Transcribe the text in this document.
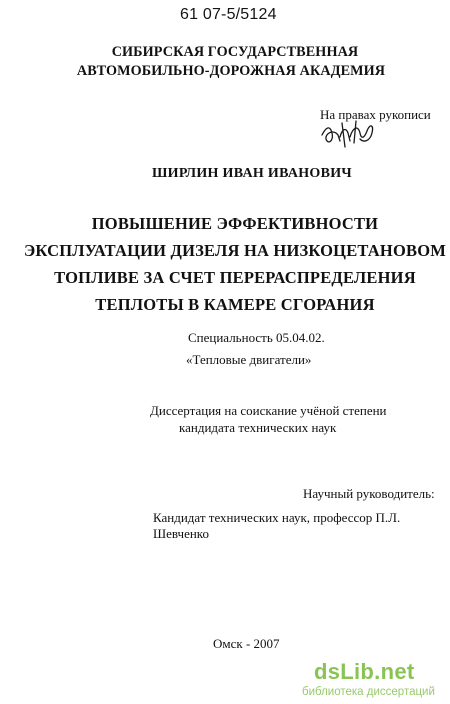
61 07-5/5124
СИБИРСКАЯ ГОСУДАРСТВЕННАЯ
АВТОМОБИЛЬНО-ДОРОЖНАЯ АКАДЕМИЯ
На правах рукописи
ШИРЛИН ИВАН ИВАНОВИЧ
ПОВЫШЕНИЕ ЭФФЕКТИВНОСТИ
ЭКСПЛУАТАЦИИ ДИЗЕЛЯ НА НИЗКОЦЕТАНОВОМ
ТОПЛИВЕ ЗА СЧЕТ ПЕРЕРАСПРЕДЕЛЕНИЯ
ТЕПЛОТЫ В КАМЕРЕ СГОРАНИЯ
Специальность 05.04.02.
«Тепловые двигатели»
Диссертация на соискание учёной степени
кандидата технических наук
Научный руководитель:
Кандидат технических наук, профессор П.Л. Шевченко
Омск - 2007
dsLib.net
библиотека диссертаций
